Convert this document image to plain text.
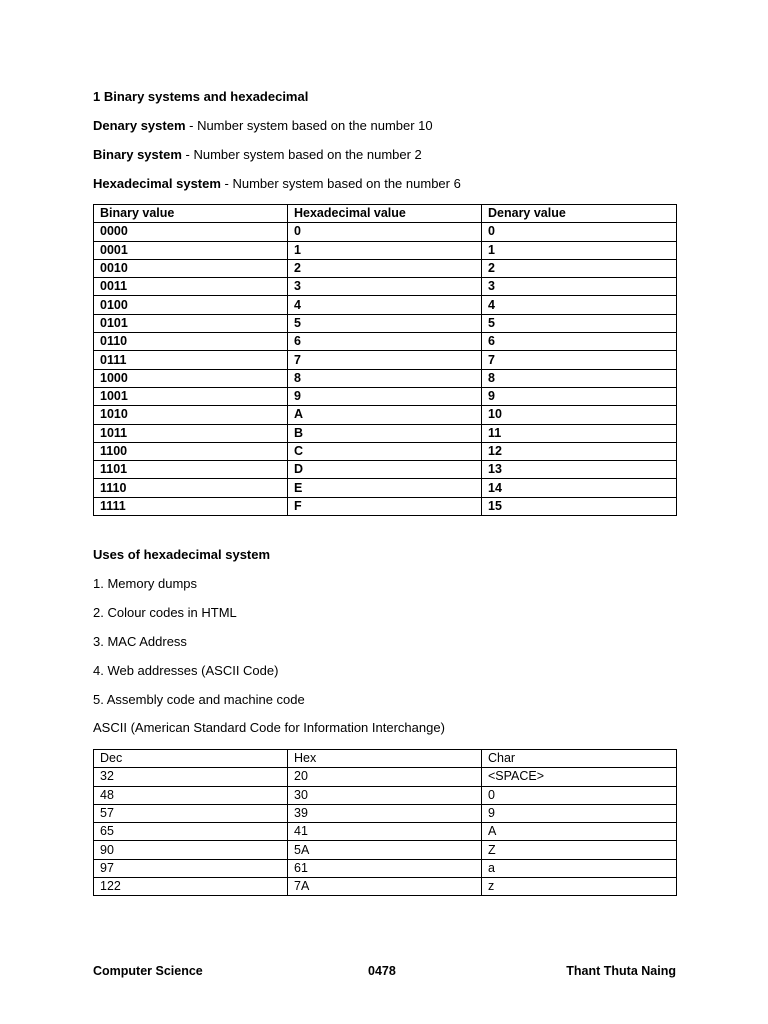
1 Binary systems and hexadecimal
Denary system - Number system based on the number 10
Binary system - Number system based on the number 2
Hexadecimal system - Number system based on the number 6
Binary value	Hexadecimal value	Denary value
0000	0	0
0001	1	1
0010	2	2
0011	3	3
0100	4	4
0101	5	5
0110	6	6
0111	7	7
1000	8	8
1001	9	9
1010	A	10
1011	B	11
1100	C	12
1101	D	13
1110	E	14
1111	F	15
Uses of hexadecimal system
1. Memory dumps
2. Colour codes in HTML
3. MAC Address
4. Web addresses (ASCII Code)
5. Assembly code and machine code
ASCII (American Standard Code for Information Interchange)
Dec	Hex	Char
32	20	<SPACE>
48	30	0
57	39	9
65	41	A
90	5A	Z
97	61	a
122	7A	z
Computer Science	0478	Thant Thuta Naing
